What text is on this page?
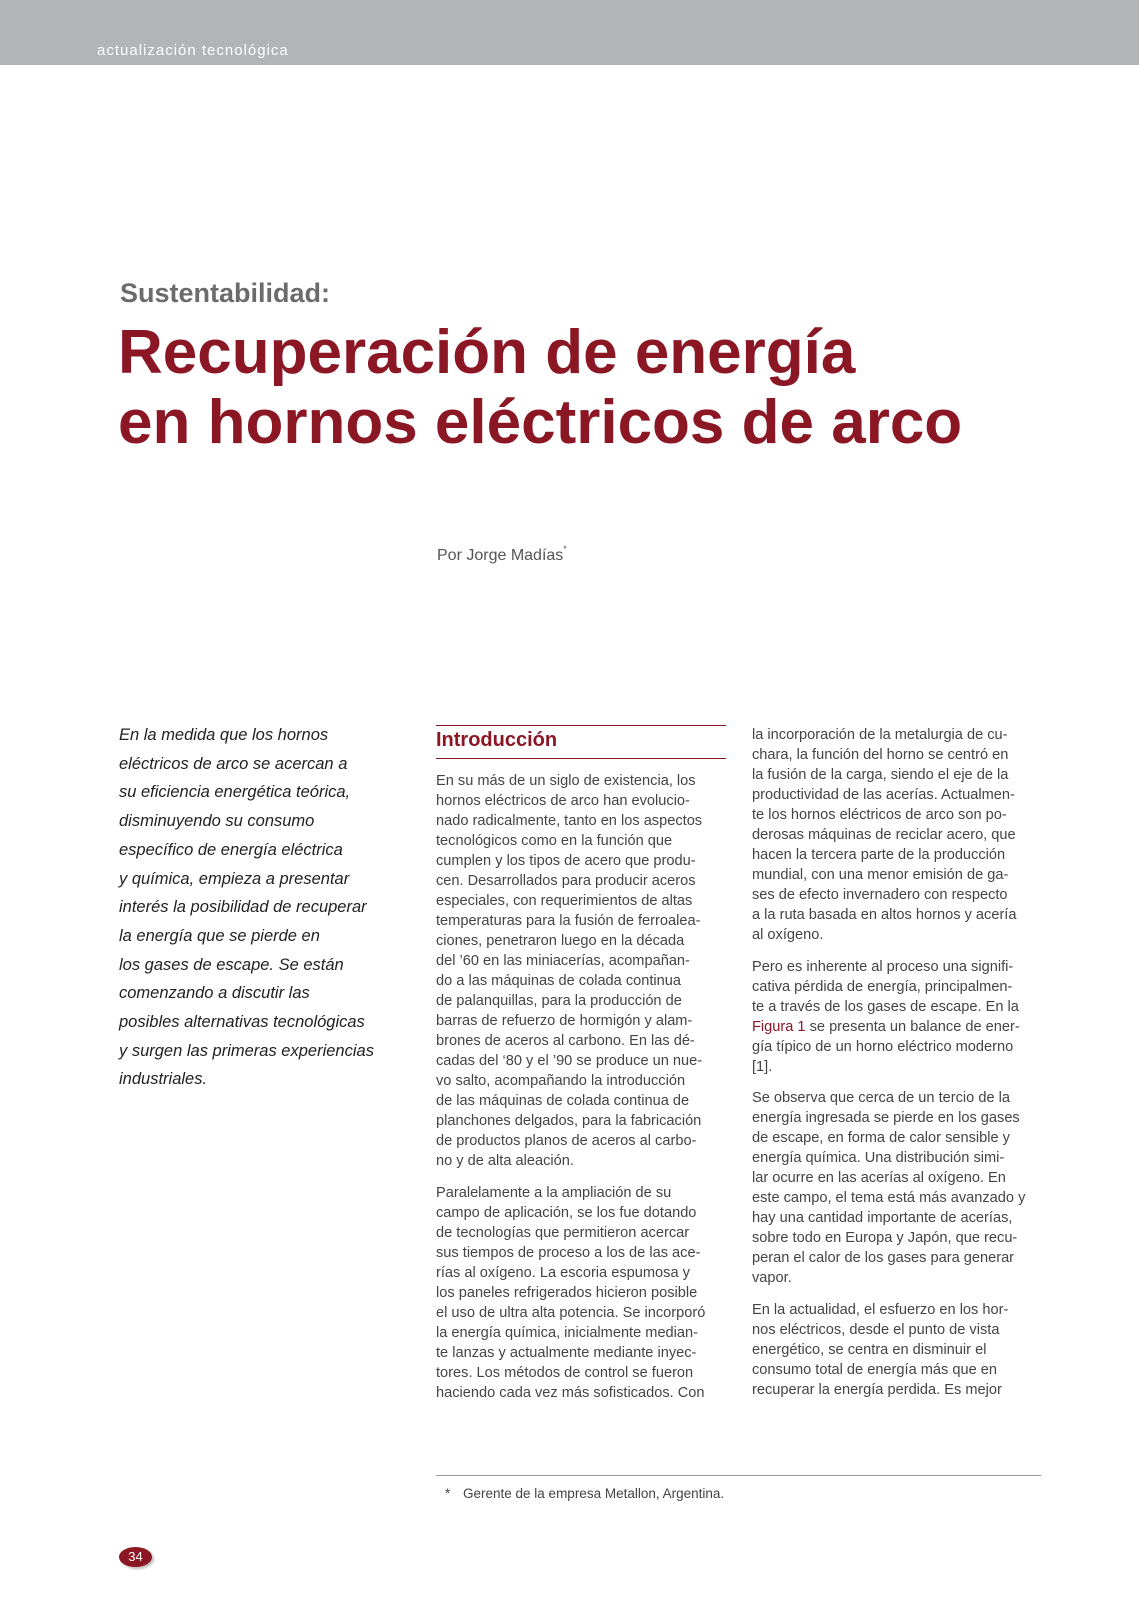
actualización tecnológica
Sustentabilidad:
Recuperación de energía
en hornos eléctricos de arco
Por Jorge Madías*
En la medida que los hornos
eléctricos de arco se acercan a
su eficiencia energética teórica,
disminuyendo su consumo
específico de energía eléctrica
y química, empieza a presentar
interés la posibilidad de recuperar
la energía que se pierde en
los gases de escape. Se están
comenzando a discutir las
posibles alternativas tecnológicas
y surgen las primeras experiencias
industriales.
Introducción

En su más de un siglo de existencia, los
hornos eléctricos de arco han evolucio-
nado radicalmente, tanto en los aspectos
tecnológicos como en la función que
cumplen y los tipos de acero que produ-
cen. Desarrollados para producir aceros
especiales, con requerimientos de altas
temperaturas para la fusión de ferroalea-
ciones, penetraron luego en la década
del ’60 en las miniacerías, acompañan-
do a las máquinas de colada continua
de palanquillas, para la producción de
barras de refuerzo de hormigón y alam-
brones de aceros al carbono. En las dé-
cadas del ‘80 y el ’90 se produce un nue-
vo salto, acompañando la introducción
de las máquinas de colada continua de
planchones delgados, para la fabricación
de productos planos de aceros al carbo-
no y de alta aleación.

Paralelamente a la ampliación de su
campo de aplicación, se los fue dotando
de tecnologías que permitieron acercar
sus tiempos de proceso a los de las ace-
rías al oxígeno. La escoria espumosa y
los paneles refrigerados hicieron posible
el uso de ultra alta potencia. Se incorporó
la energía química, inicialmente median-
te lanzas y actualmente mediante inyec-
tores. Los métodos de control se fueron
haciendo cada vez más sofisticados. Con

la incorporación de la metalurgia de cu-
chara, la función del horno se centró en
la fusión de la carga, siendo el eje de la
productividad de las acerías. Actualmen-
te los hornos eléctricos de arco son po-
derosas máquinas de reciclar acero, que
hacen la tercera parte de la producción
mundial, con una menor emisión de ga-
ses de efecto invernadero con respecto
a la ruta basada en altos hornos y acería
al oxígeno.

Pero es inherente al proceso una signifi-
cativa pérdida de energía, principalmen-
te a través de los gases de escape. En la
Figura 1 se presenta un balance de ener-
gía típico de un horno eléctrico moderno
[1].

Se observa que cerca de un tercio de la
energía ingresada se pierde en los gases
de escape, en forma de calor sensible y
energía química. Una distribución simi-
lar ocurre en las acerías al oxígeno. En
este campo, el tema está más avanzado y
hay una cantidad importante de acerías,
sobre todo en Europa y Japón, que recu-
peran el calor de los gases para generar
vapor.

En la actualidad, el esfuerzo en los hor-
nos eléctricos, desde el punto de vista
energético, se centra en disminuir el
consumo total de energía más que en
recuperar la energía perdida. Es mejor

* Gerente de la empresa Metallon, Argentina.
34
